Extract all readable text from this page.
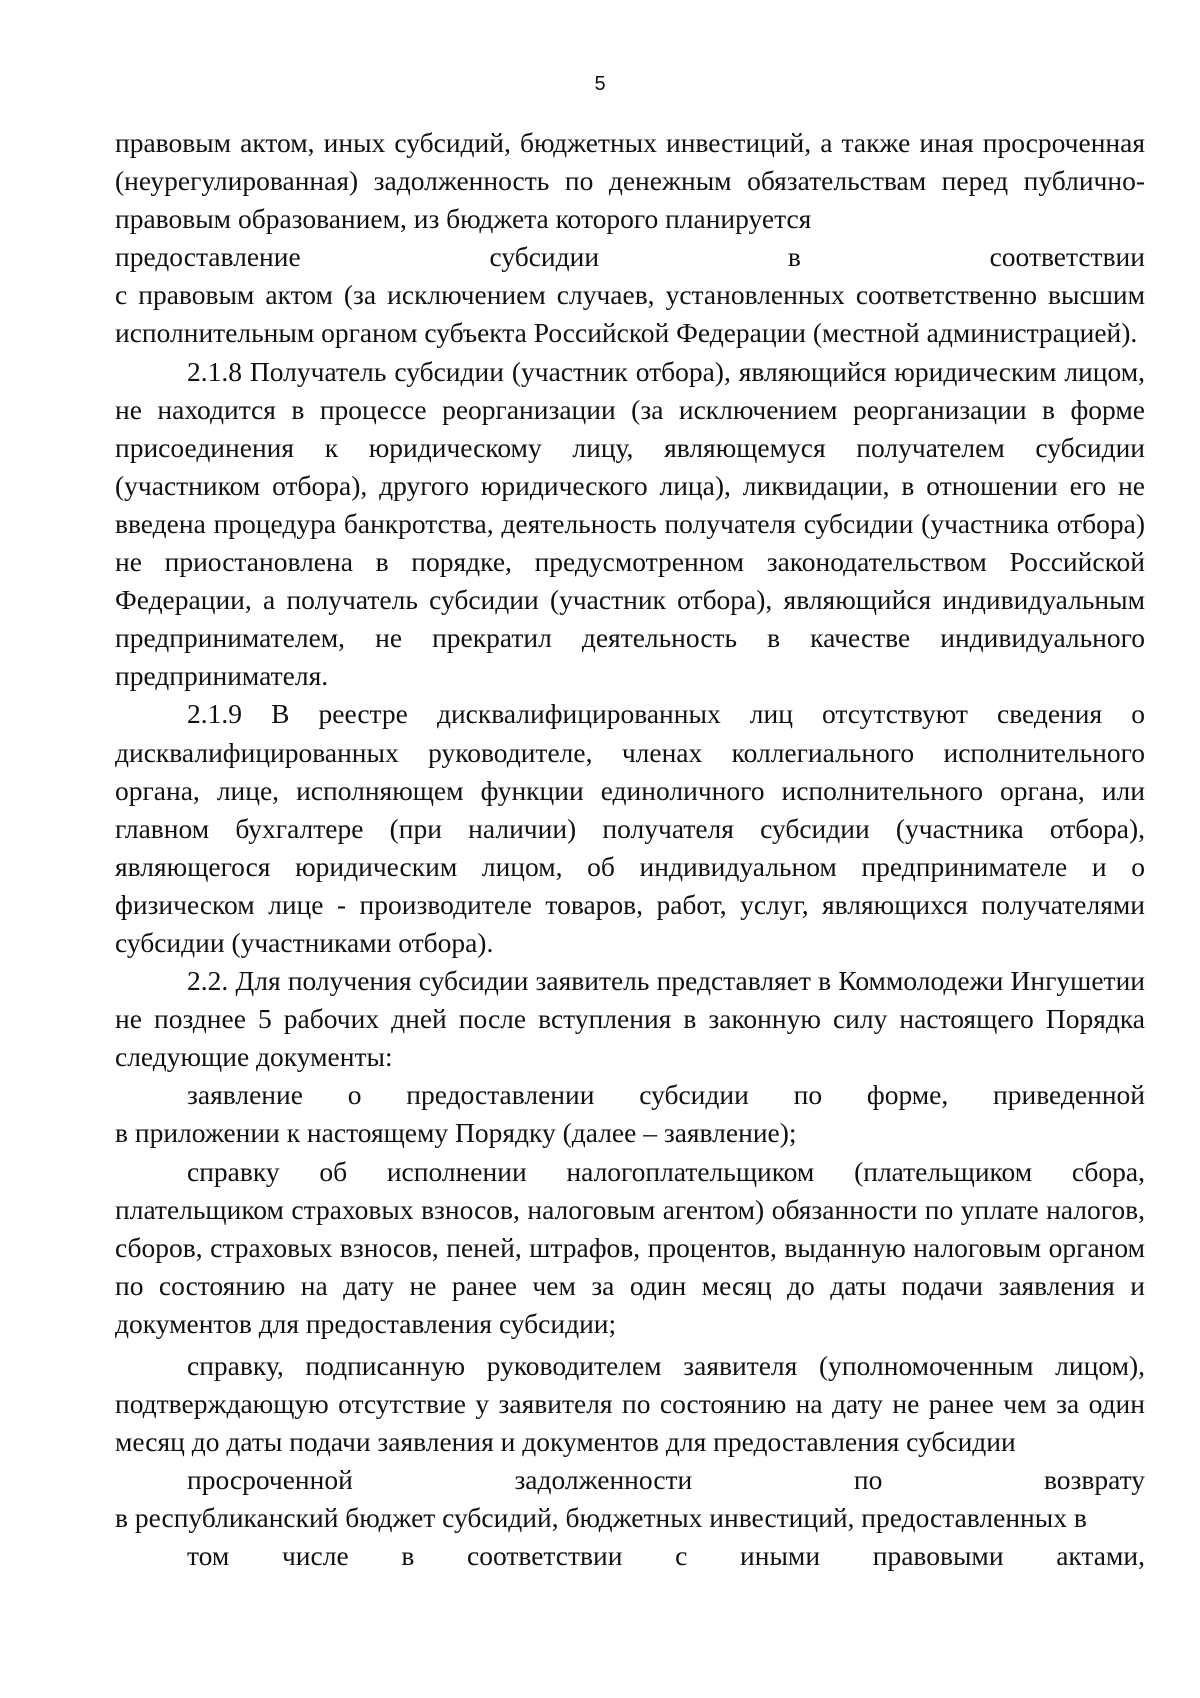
5

правовым актом, иных субсидий, бюджетных инвестиций, а также иная просроченная (неурегулированная) задолженность по денежным обязательствам перед публично-правовым образованием, из бюджета которого планируется
предоставление субсидии в соответствии
с правовым актом (за исключением случаев, установленных соответственно высшим исполнительным органом субъекта Российской Федерации (местной администрацией).

2.1.8 Получатель субсидии (участник отбора), являющийся юридическим лицом, не находится в процессе реорганизации (за исключением реорганизации в форме присоединения к юридическому лицу, являющемуся получателем субсидии (участником отбора), другого юридического лица), ликвидации, в отношении его не введена процедура банкротства, деятельность получателя субсидии (участника отбора) не приостановлена в порядке, предусмотренном законодательством Российской Федерации, а получатель субсидии (участник отбора), являющийся индивидуальным предпринимателем, не прекратил деятельность в качестве индивидуального предпринимателя.

2.1.9 В реестре дисквалифицированных лиц отсутствуют сведения о дисквалифицированных руководителе, членах коллегиального исполнительного органа, лице, исполняющем функции единоличного исполнительного органа, или главном бухгалтере (при наличии) получателя субсидии (участника отбора), являющегося юридическим лицом, об индивидуальном предпринимателе и о физическом лице - производителе товаров, работ, услуг, являющихся получателями субсидии (участниками отбора).

2.2. Для получения субсидии заявитель представляет в Коммолодежи Ингушетии не позднее 5 рабочих дней после вступления в законную силу настоящего Порядка следующие документы:

заявление о предоставлении субсидии по форме, приведенной

в приложении к настоящему Порядку (далее – заявление);

справку об исполнении налогоплательщиком (плательщиком сбора, плательщиком страховых взносов, налоговым агентом) обязанности по уплате налогов, сборов, страховых взносов, пеней, штрафов, процентов, выданную налоговым органом по состоянию на дату не ранее чем за один месяц до даты подачи заявления и документов для предоставления субсидии;

справку, подписанную руководителем заявителя (уполномоченным лицом), подтверждающую отсутствие у заявителя по состоянию на дату не ранее чем за один месяц до даты подачи заявления и документов для предоставления субсидии
просроченной задолженности по возврату
в республиканский бюджет субсидий, бюджетных инвестиций, предоставленных в
том числе в соответствии с иными правовыми актами,
